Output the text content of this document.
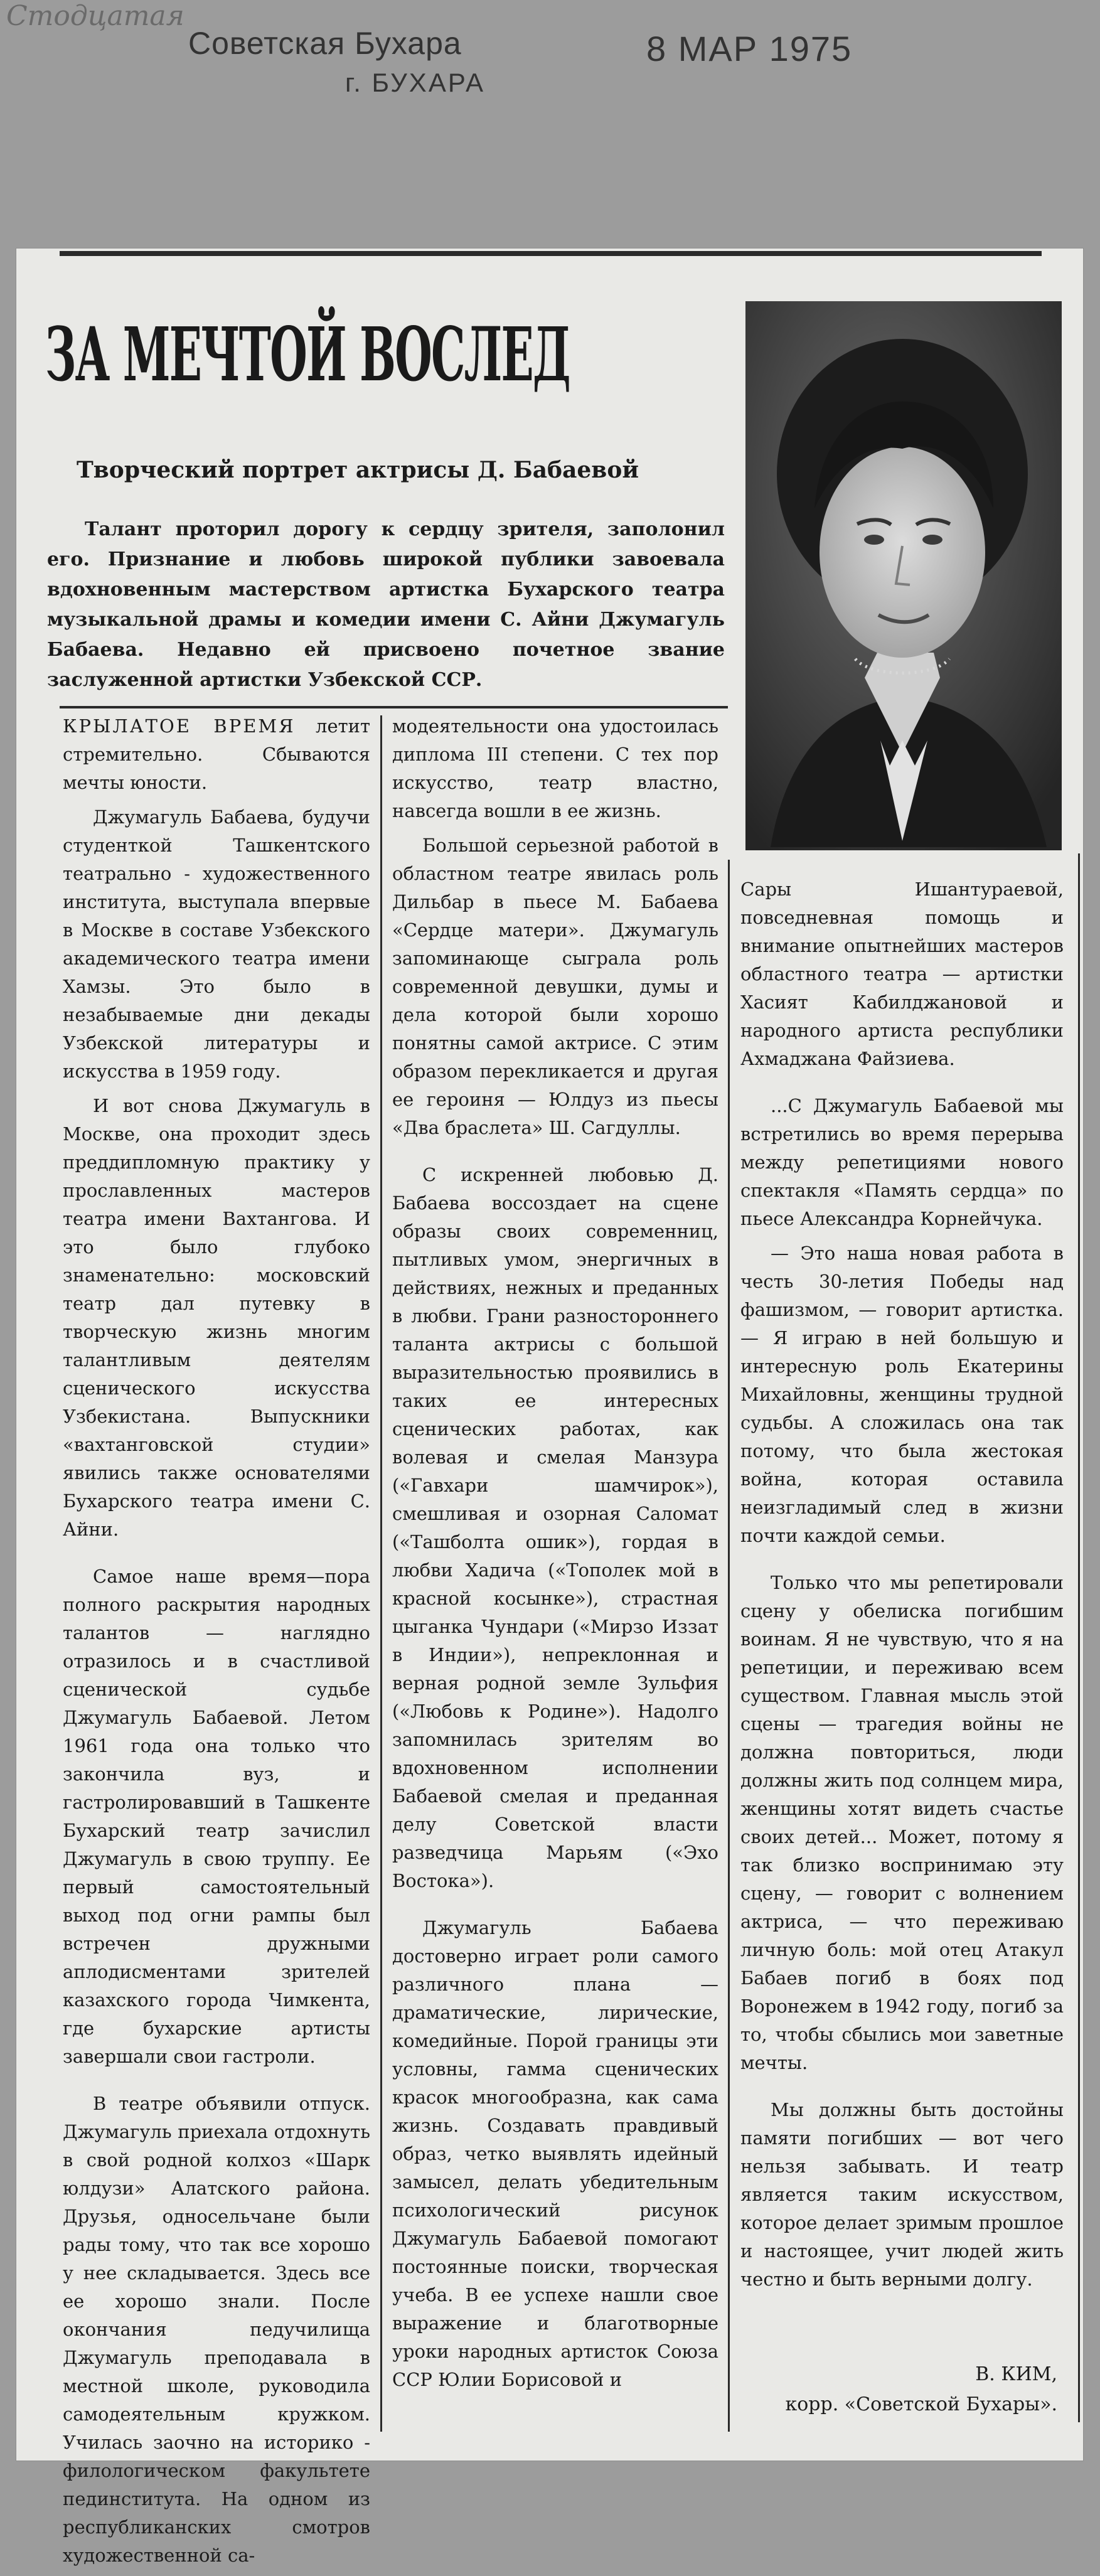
Стодцатая
Советская Бухара
г. БУХАРА
8 МАР 1975
ЗА МЕЧТОЙ ВОСЛЕД
Творческий портрет актрисы Д. Бабаевой
Талант проторил дорогу к сердцу зрителя, заполонил его. Признание и любовь широкой публики завоевала вдохновенным мастерством артистка Бухарского театра музыкальной драмы и комедии имени С. Айни Джумагуль Бабаева. Недавно ей присвоено почетное звание заслуженной артистки Узбекской ССР.

КРЫЛАТОЕ ВРЕМЯ летит стремительно. Сбываются мечты юности.

Джумагуль Бабаева, будучи студенткой Ташкентского театрально - художественного института, выступала впервые в Москве в составе Узбекского академического театра имени Хамзы. Это было в незабываемые дни декады Узбекской литературы и искусства в 1959 году.

И вот снова Джумагуль в Москве, она проходит здесь преддипломную практику у прославленных мастеров театра имени Вахтангова. И это было глубоко знаменательно: московский театр дал путевку в творческую жизнь многим талантливым деятелям сценического искусства Узбекистана. Выпускники «вахтанговской студии» явились также основателями Бухарского театра имени С. Айни.

Самое наше время—пора полного раскрытия народных талантов — наглядно отразилось и в счастливой сценической судьбе Джумагуль Бабаевой. Летом 1961 года она только что закончила вуз, и гастролировавший в Ташкенте Бухарский театр зачислил Джумагуль в свою труппу. Ее первый самостоятельный выход под огни рампы был встречен дружными аплодисментами зрителей казахского города Чимкента, где бухарские артисты завершали свои гастроли.

В театре объявили отпуск. Джумагуль приехала отдохнуть в свой родной колхоз «Шарк юлдузи» Алатского района. Друзья, односельчане были рады тому, что так все хорошо у нее складывается. Здесь все ее хорошо знали. После окончания педучилища Джумагуль преподавала в местной школе, руководила самодеятельным кружком. Училась заочно на историко - филологическом факультете пединститута. На одном из республиканских смотров художественной са-

модеятельности она удостоилась диплома III степени. С тех пор искусство, театр властно, навсегда вошли в ее жизнь.

Большой серьезной работой в областном театре явилась роль Дильбар в пьесе М. Бабаева «Сердце матери». Джумагуль запоминающе сыграла роль современной девушки, думы и дела которой были хорошо понятны самой актрисе. С этим образом перекликается и другая ее героиня — Юлдуз из пьесы «Два браслета» Ш. Сагдуллы.

С искренней любовью Д. Бабаева воссоздает на сцене образы своих современниц, пытливых умом, энергичных в действиях, нежных и преданных в любви. Грани разностороннего таланта актрисы с большой выразительностью проявились в таких ее интересных сценических работах, как волевая и смелая Манзура («Гавхари шамчирок»), смешливая и озорная Саломат («Ташболта ошик»), гордая в любви Хадича («Тополек мой в красной косынке»), страстная цыганка Чундари («Мирзо Иззат в Индии»), непреклонная и верная родной земле Зульфия («Любовь к Родине»). Надолго запомнилась зрителям во вдохновенном исполнении Бабаевой смелая и преданная делу Советской власти разведчица Марьям («Эхо Востока»).

Джумагуль Бабаева достоверно играет роли самого различного плана — драматические, лирические, комедийные. Порой границы эти условны, гамма сценических красок многообразна, как сама жизнь. Создавать правдивый образ, четко выявлять идейный замысел, делать убедительным психологический рисунок Джумагуль Бабаевой помогают постоянные поиски, творческая учеба. В ее успехе нашли свое выражение и благотворные уроки народных артисток Союза ССР Юлии Борисовой и

Сары Ишантураевой, повседневная помощь и внимание опытнейших мастеров областного театра — артистки Хасият Кабилджановой и народного артиста республики Ахмаджана Файзиева.

...С Джумагуль Бабаевой мы встретились во время перерыва между репетициями нового спектакля «Память сердца» по пьесе Александра Корнейчука.

— Это наша новая работа в честь 30-летия Победы над фашизмом, — говорит артистка. — Я играю в ней большую и интересную роль Екатерины Михайловны, женщины трудной судьбы. А сложилась она так потому, что была жестокая война, которая оставила неизгладимый след в жизни почти каждой семьи.

Только что мы репетировали сцену у обелиска погибшим воинам. Я не чувствую, что я на репетиции, и переживаю всем существом. Главная мысль этой сцены — трагедия войны не должна повториться, люди должны жить под солнцем мира, женщины хотят видеть счастье своих детей... Может, потому я так близко воспринимаю эту сцену, — говорит с волнением актриса, — что переживаю личную боль: мой отец Атакул Бабаев погиб в боях под Воронежем в 1942 году, погиб за то, чтобы сбылись мои заветные мечты.

Мы должны быть достойны памяти погибших — вот чего нельзя забывать. И театр является таким искусством, которое делает зримым прошлое и настоящее, учит людей жить честно и быть верными долгу.

В. КИМ,
корр. «Советской Бухары».
